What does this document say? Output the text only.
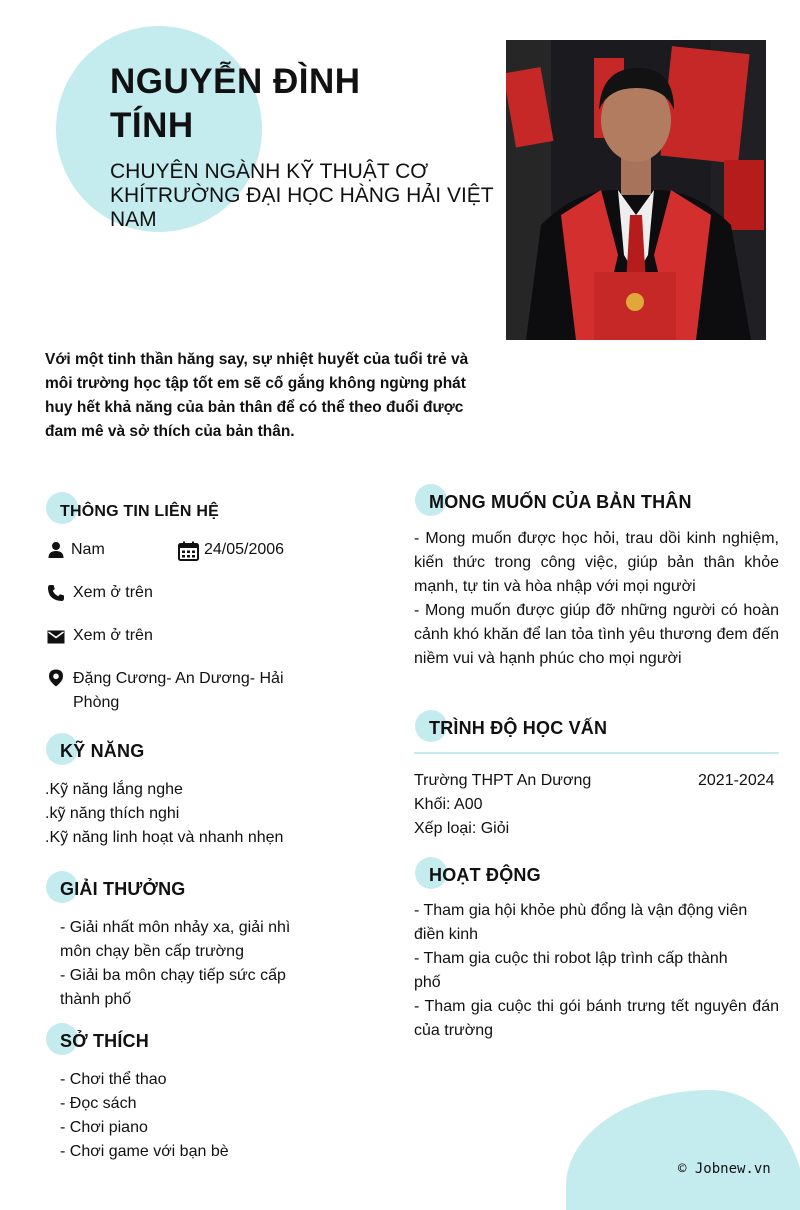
NGUYỄN ĐÌNH
TÍNH
CHUYÊN NGÀNH KỸ THUẬT CƠ KHÍTRƯỜNG ĐẠI HỌC HÀNG HẢI VIỆT NAM
Với một tinh thần hăng say, sự nhiệt huyết của tuổi trẻ và môi trường học tập tốt em sẽ cố gắng không ngừng phát huy hết khả năng của bản thân để có thể theo đuổi được đam mê và sở thích của bản thân.
THÔNG TIN LIÊN HỆ
Nam	24/05/2006
Xem ở trên
Xem ở trên
Đặng Cương- An Dương- Hải Phòng
KỸ NĂNG
.Kỹ năng lắng nghe
.kỹ năng thích nghi
.Kỹ năng linh hoạt và nhanh nhẹn
GIẢI THƯỞNG
- Giải nhất môn nhảy xa, giải nhì môn chạy bền cấp trường
- Giải ba môn chạy tiếp sức cấp thành phố
SỞ THÍCH
- Chơi thể thao
- Đọc sách
- Chơi piano
- Chơi game với bạn bè
MONG MUỐN CỦA BẢN THÂN
- Mong muốn được học hỏi, trau dồi kinh nghiệm, kiến thức trong công việc, giúp bản thân khỏe mạnh, tự tin và hòa nhập với mọi người
- Mong muốn được giúp đỡ những người có hoàn cảnh khó khăn để lan tỏa tình yêu thương đem đến niềm vui và hạnh phúc cho mọi người
TRÌNH ĐỘ HỌC VẤN
Trường THPT An Dương	2021-2024
Khối: A00
Xếp loại: Giỏi
HOẠT ĐỘNG
- Tham gia hội khỏe phù đổng là vận động viên điền kinh
- Tham gia cuộc thi robot lập trình cấp thành phố
- Tham gia cuộc thi gói bánh trưng tết nguyên đán của trường
© Jobnew.vn
